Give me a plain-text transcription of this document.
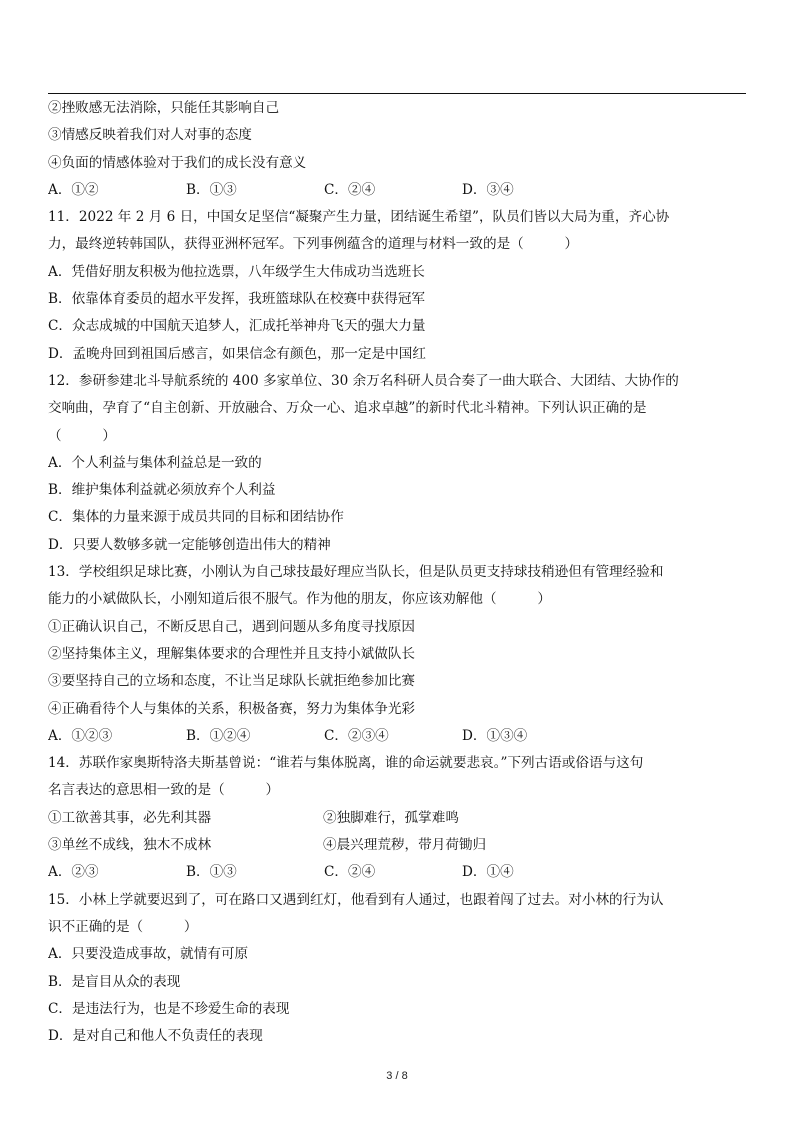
②挫败感无法消除，只能任其影响自己
③情感反映着我们对人对事的态度
④负面的情感体验对于我们的成长没有意义
A．①②	B．①③	C．②④	D．③④
11．2022 年 2 月 6 日，中国女足坚信“凝聚产生力量，团结诞生希望”，队员们皆以大局为重，齐心协
力，最终逆转韩国队，获得亚洲杯冠军。下列事例蕴含的道理与材料一致的是（　　　）
A．凭借好朋友积极为他拉选票，八年级学生大伟成功当选班长
B．依靠体育委员的超水平发挥，我班篮球队在校赛中获得冠军
C．众志成城的中国航天追梦人，汇成托举神舟飞天的强大力量
D．孟晚舟回到祖国后感言，如果信念有颜色，那一定是中国红
12．参研参建北斗导航系统的 400 多家单位、30 余万名科研人员合奏了一曲大联合、大团结、大协作的
交响曲，孕育了“自主创新、开放融合、万众一心、追求卓越”的新时代北斗精神。下列认识正确的是
（　　　）
A．个人利益与集体利益总是一致的
B．维护集体利益就必须放弃个人利益
C．集体的力量来源于成员共同的目标和团结协作
D．只要人数够多就一定能够创造出伟大的精神
13．学校组织足球比赛，小刚认为自己球技最好理应当队长，但是队员更支持球技稍逊但有管理经验和
能力的小斌做队长，小刚知道后很不服气。作为他的朋友，你应该劝解他（　　　）
①正确认识自己，不断反思自己，遇到问题从多角度寻找原因
②坚持集体主义，理解集体要求的合理性并且支持小斌做队长
③要坚持自己的立场和态度，不让当足球队长就拒绝参加比赛
④正确看待个人与集体的关系，积极备赛，努力为集体争光彩
A．①②③	B．①②④	C．②③④	D．①③④
14．苏联作家奥斯特洛夫斯基曾说：“谁若与集体脱离，谁的命运就要悲哀。”下列古语或俗语与这句
名言表达的意思相一致的是（　　　）
①工欲善其事，必先利其器	②独脚难行，孤掌难鸣
③单丝不成线，独木不成林	④晨兴理荒秽，带月荷锄归
A．②③	B．①③	C．②④	D．①④
15．小林上学就要迟到了，可在路口又遇到红灯，他看到有人通过，也跟着闯了过去。对小林的行为认
识不正确的是（　　　）
A．只要没造成事故，就情有可原
B．是盲目从众的表现
C．是违法行为，也是不珍爱生命的表现
D．是对自己和他人不负责任的表现
3 / 8
